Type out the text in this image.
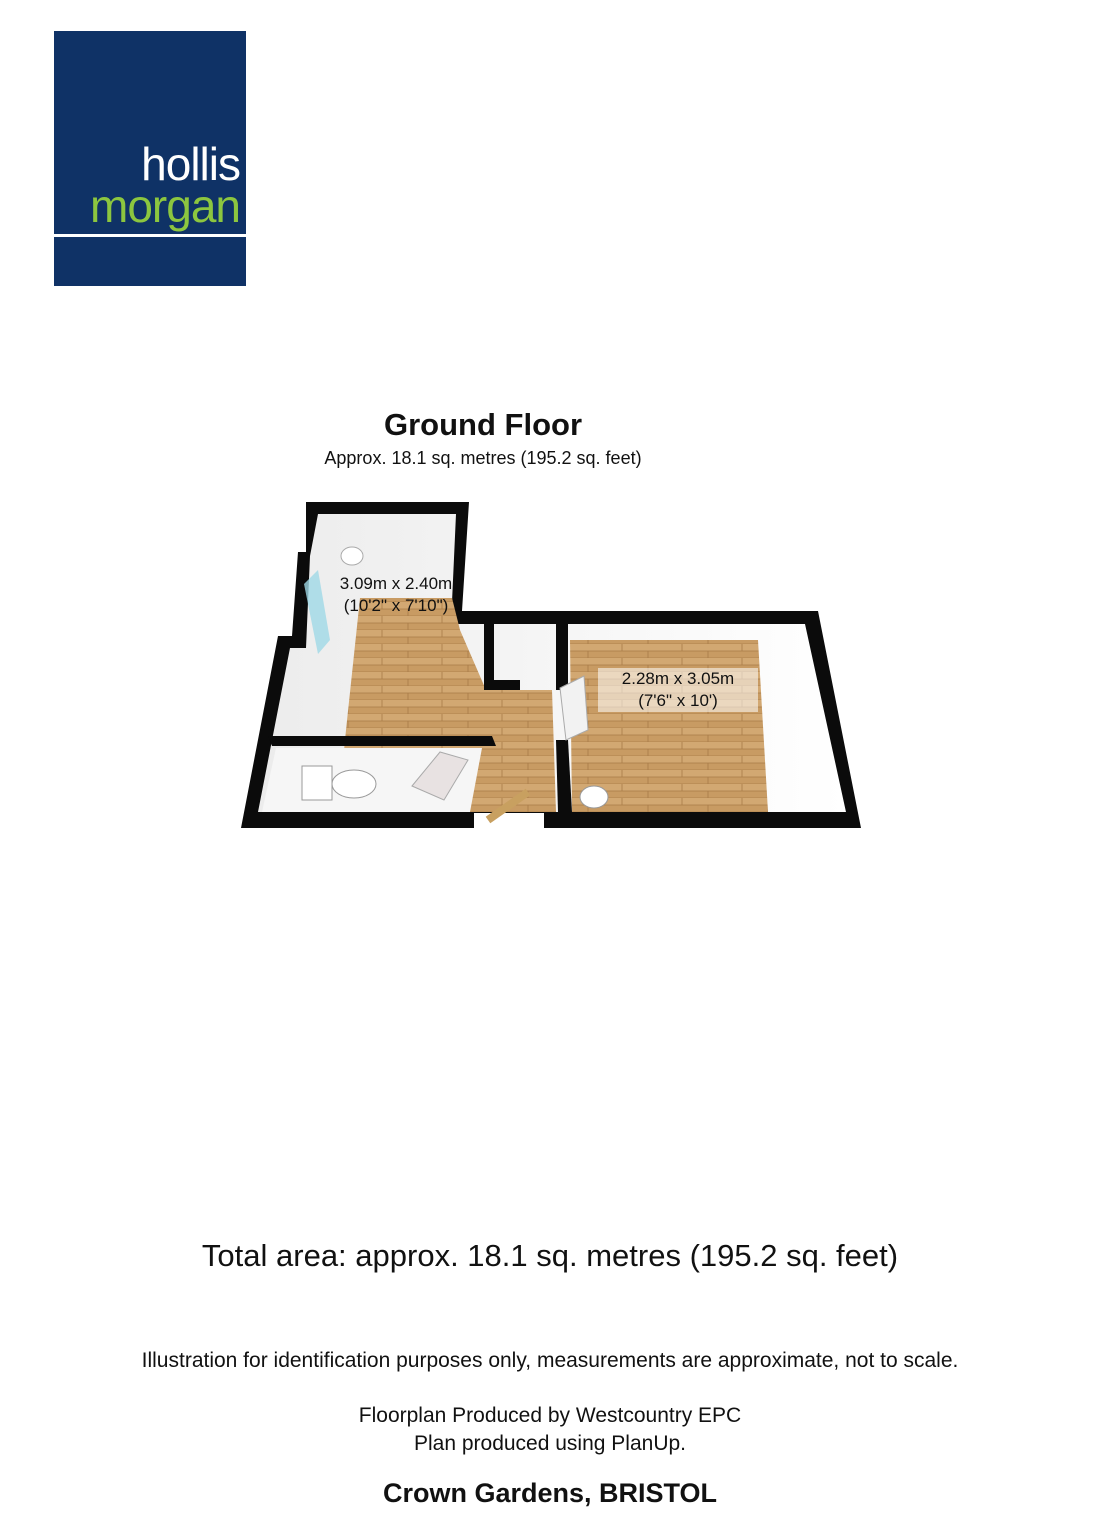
hollis
morgan
Ground Floor
Approx. 18.1 sq. metres (195.2 sq. feet)
3.09m x 2.40m
(10'2" x 7'10")
2.28m x 3.05m
(7'6" x 10')
Total area: approx. 18.1 sq. metres (195.2 sq. feet)
Illustration for identification purposes only, measurements are approximate, not to scale.
Floorplan Produced by Westcountry EPC
Plan produced using PlanUp.
Crown Gardens, BRISTOL
